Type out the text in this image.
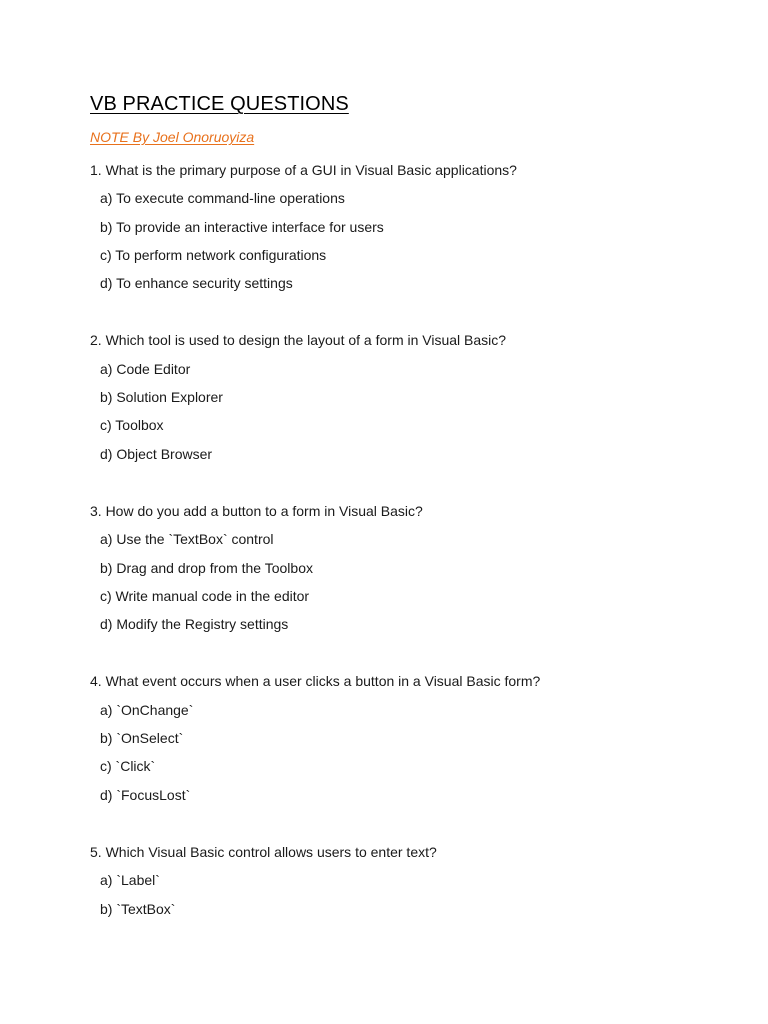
VB PRACTICE QUESTIONS

NOTE By Joel Onoruoyiza

1. What is the primary purpose of a GUI in Visual Basic applications?
a) To execute command-line operations
b) To provide an interactive interface for users
c) To perform network configurations
d) To enhance security settings
2. Which tool is used to design the layout of a form in Visual Basic?
a) Code Editor
b) Solution Explorer
c) Toolbox
d) Object Browser
3. How do you add a button to a form in Visual Basic?
a) Use the `TextBox` control
b) Drag and drop from the Toolbox
c) Write manual code in the editor
d) Modify the Registry settings
4. What event occurs when a user clicks a button in a Visual Basic form?
a) `OnChange`
b) `OnSelect`
c) `Click`
d) `FocusLost`
5. Which Visual Basic control allows users to enter text?
a) `Label`
b) `TextBox`
